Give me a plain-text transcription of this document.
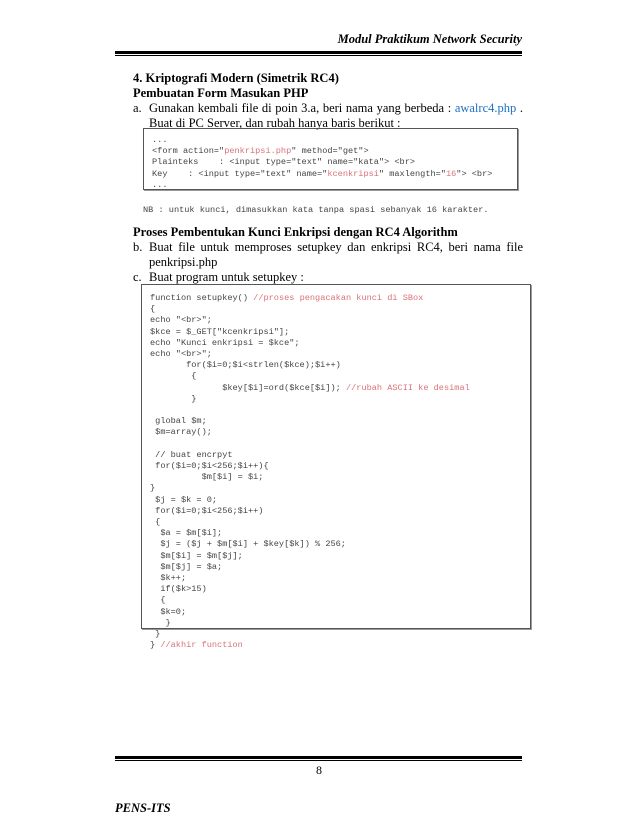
Modul Praktikum Network Security
4. Kriptografi Modern (Simetrik RC4)
Pembuatan Form Masukan PHP
a. Gunakan kembali file di poin 3.a, beri nama yang berbeda : awalrc4.php . Buat di PC Server, dan rubah hanya baris berikut :
...
<form action="penkripsi.php" method="get">
Plainteks    : <input type="text" name="kata"> <br>
Key    : <input type="text" name="kcenkripsi" maxlength="16"> <br>
...
NB : untuk kunci, dimasukkan kata tanpa spasi sebanyak 16 karakter.
Proses Pembentukan Kunci Enkripsi dengan RC4 Algorithm
b. Buat file untuk memproses setupkey dan enkripsi RC4, beri nama file penkripsi.php
c. Buat program untuk setupkey :
function setupkey() //proses pengacakan kunci di SBox
{
echo "<br>";
$kce = $_GET["kcenkripsi"];
echo "Kunci enkripsi = $kce";
echo "<br>";
for($i=0;$i<strlen($kce);$i++)
{
$key[$i]=ord($kce[$i]); //rubah ASCII ke desimal
}
global $m;
$m=array();
// buat encrpyt
for($i=0;$i<256;$i++){
$m[$i] = $i;
}
$j = $k = 0;
for($i=0;$i<256;$i++)
{
$a = $m[$i];
$j = ($j + $m[$i] + $key[$k]) % 256;
$m[$i] = $m[$j];
$m[$j] = $a;
$k++;
if($k>15)
{
$k=0;
}
}
} //akhir function
8
PENS-ITS
